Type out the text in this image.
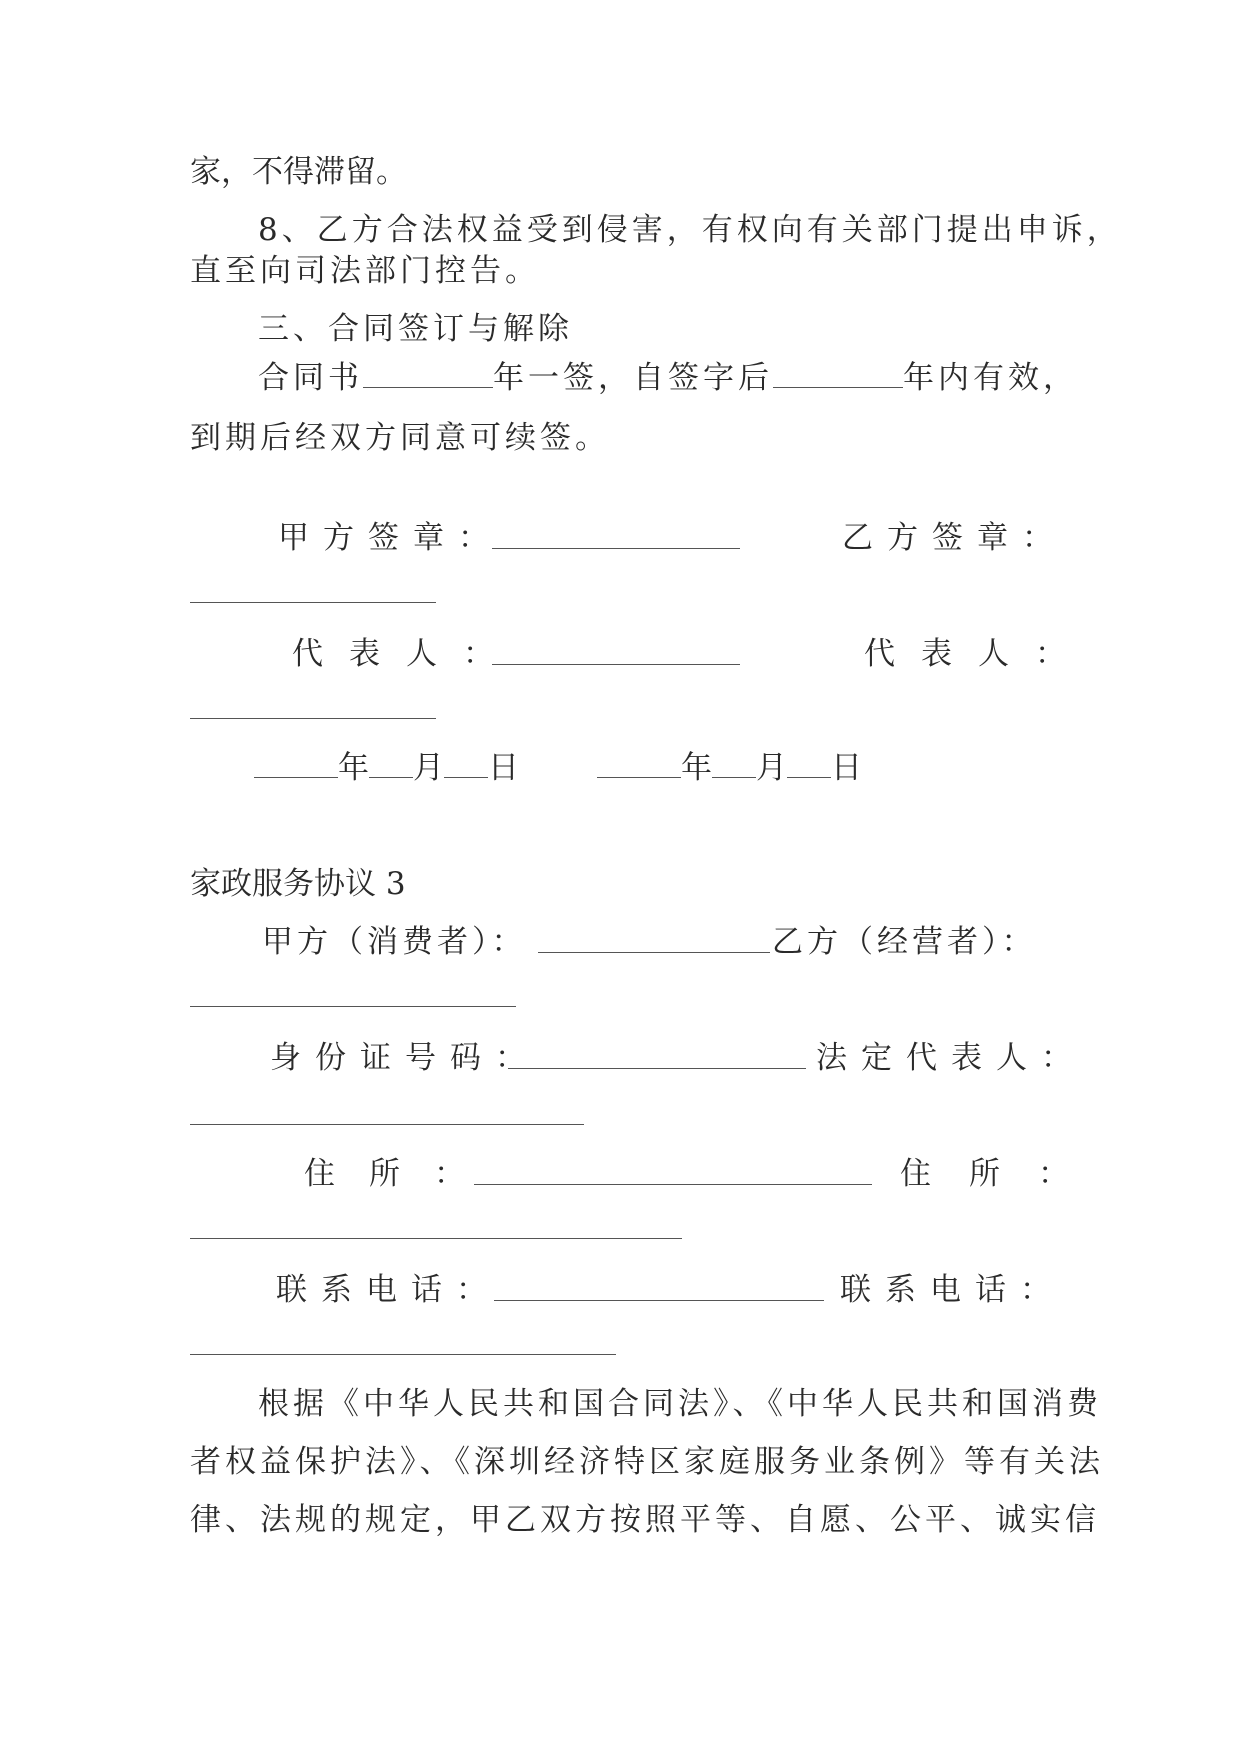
家，不得滞留。
8、乙方合法权益受到侵害，有权向有关部门提出申诉，
直至向司法部门控告。
三、合同签订与解除
合同书	年一签，自签字后	年内有效，
到期后经双方同意可续签。
甲方签章：	乙方签章：
代表人：	代表人：
年 月 日	年 月 日
家政服务协议 3
甲方（消费者）：	乙方（经营者）：
身份证号码：	法定代表人：
住所：	住所：
联系电话：	联系电话：
根据《中华人民共和国合同法》、《中华人民共和国消费
者权益保护法》、《深圳经济特区家庭服务业条例》等有关法
律、法规的规定，甲乙双方按照平等、自愿、公平、诚实信
